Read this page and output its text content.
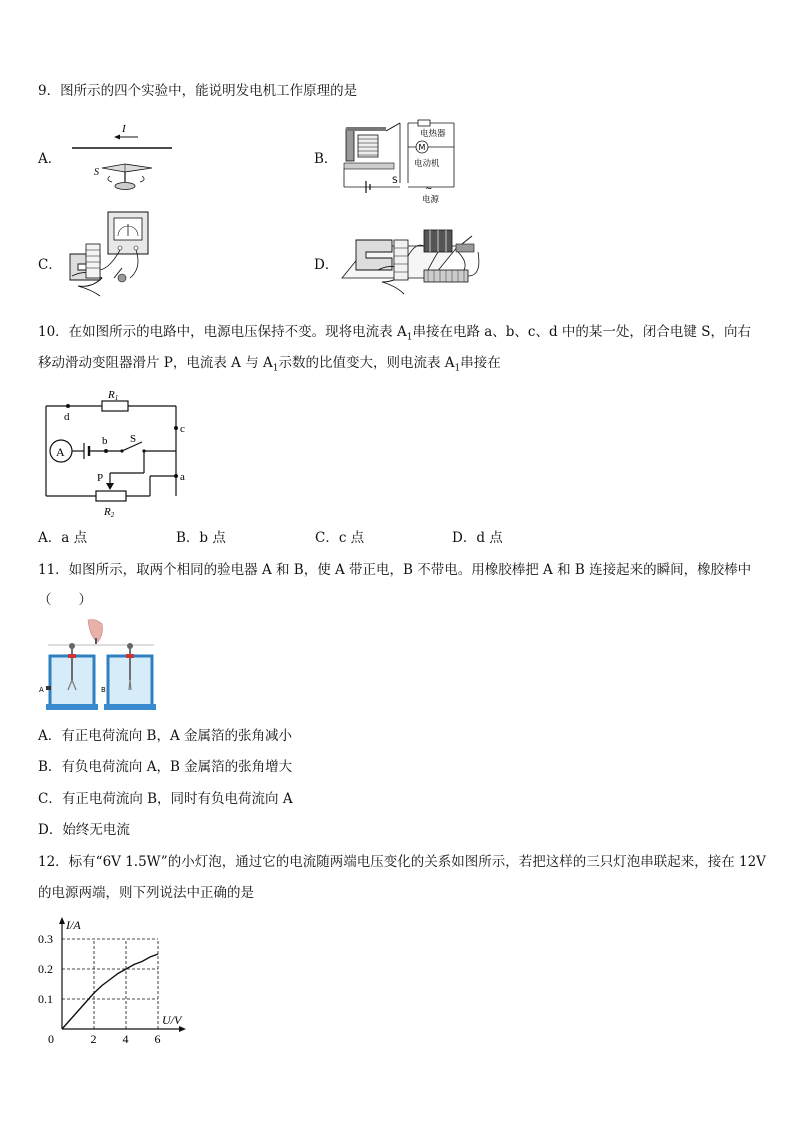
9．图所示的四个实验中，能说明发电机工作原理的是
A．
I
S
B．
电热器
M
电动机
S
~
电源
C．	D．
10．在如图所示的电路中，电源电压保持不变。现将电流表 $A_1$串接在电路 a、b、c、d 中的某一处，闭合电键 S，向右
移动滑动变阻器滑片 P，电流表 A 与 $A_1$示数的比值变大，则电流表 $A_1$串接在
R1
d
c
a
A
b S
P
R2
A．a 点	B．b 点	C．c 点	D．d 点
11．如图所示，取两个相同的验电器 A 和 B，使 A 带正电，B 不带电。用橡胶棒把 A 和 B 连接起来的瞬间，橡胶棒中
（　　）
A	B
A．有正电荷流向 B，A 金属箔的张角减小
B．有负电荷流向 A，B 金属箔的张角增大
C．有正电荷流向 B，同时有负电荷流向 A
D．始终无电流
12．标有“6V 1.5W”的小灯泡，通过它的电流随两端电压变化的关系如图所示，若把这样的三只灯泡串联起来，接在 12V
的电源两端，则下列说法中正确的是
0	2 4 6
0.1
0.2
0.3
I/A
U/V
